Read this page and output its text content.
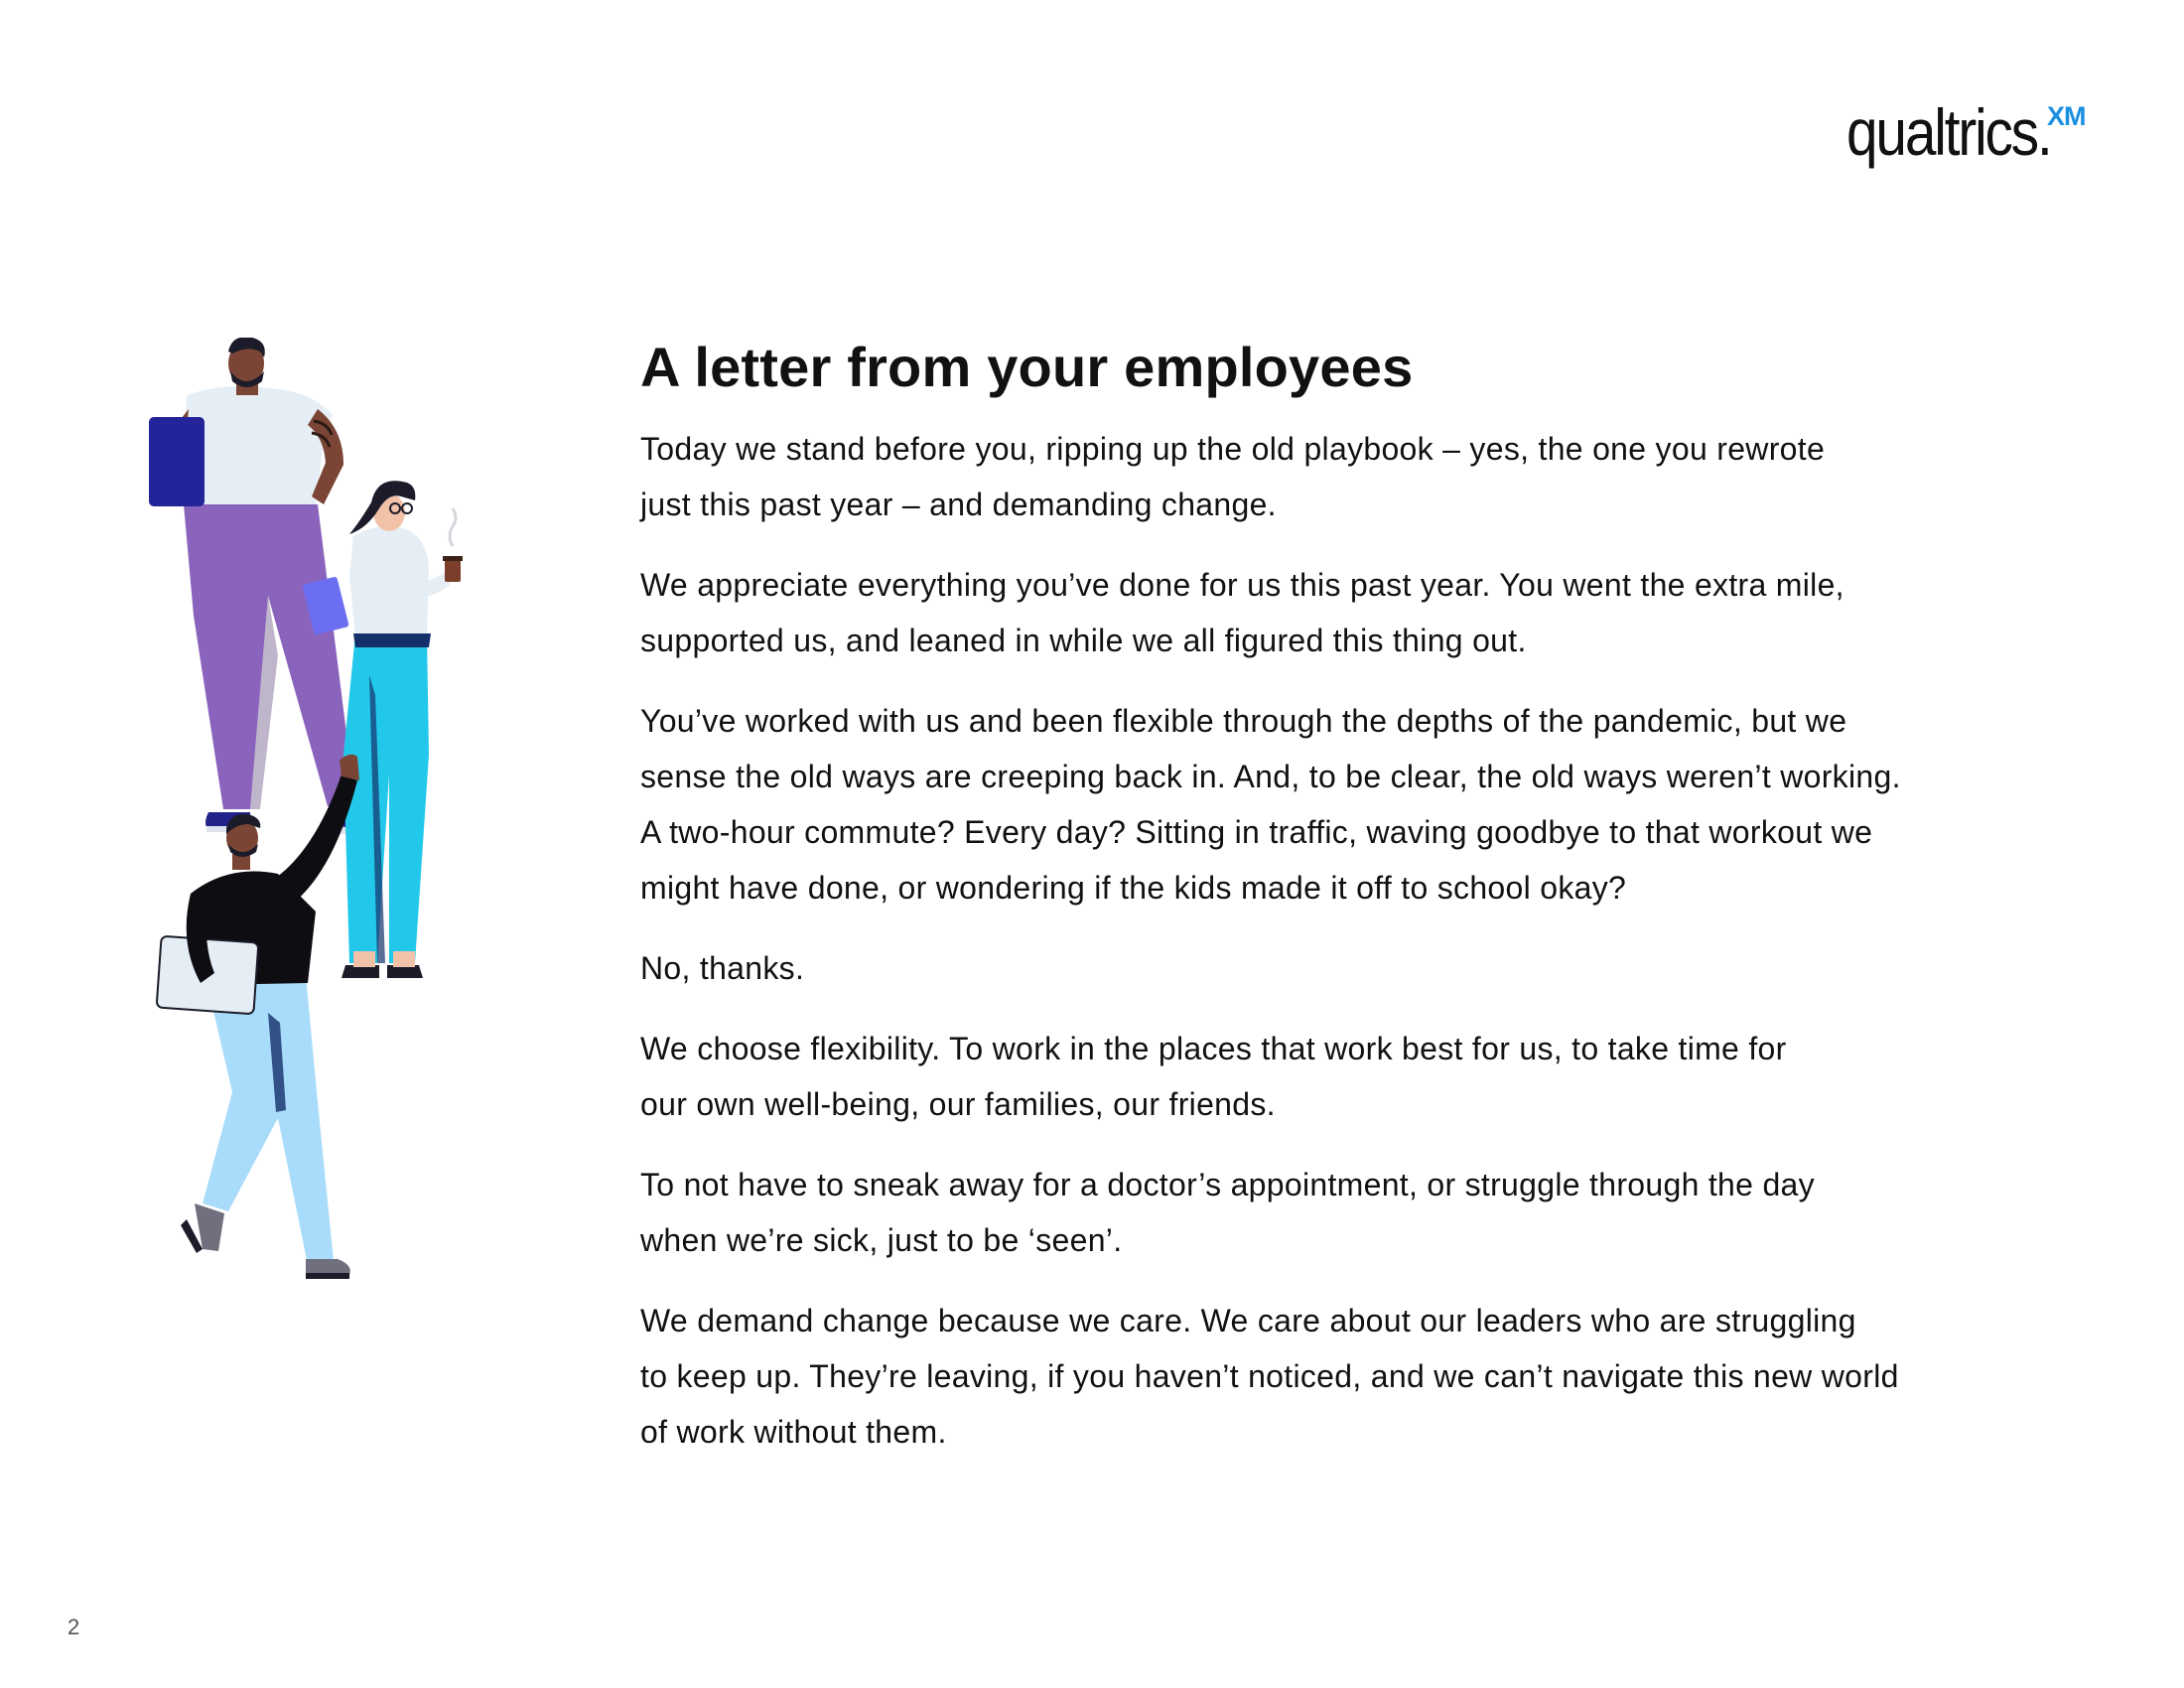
qualtrics.
XM
A letter from your employees

Today we stand before you, ripping up the old playbook – yes, the one you rewrote
just this past year – and demanding change.

We appreciate everything you’ve done for us this past year. You went the extra mile,
supported us, and leaned in while we all figured this thing out.

You’ve worked with us and been flexible through the depths of the pandemic, but we
sense the old ways are creeping back in. And, to be clear, the old ways weren’t working.
A two-hour commute? Every day? Sitting in traffic, waving goodbye to that workout we
might have done, or wondering if the kids made it off to school okay?

No, thanks.

We choose flexibility. To work in the places that work best for us, to take time for
our own well-being, our families, our friends.

To not have to sneak away for a doctor’s appointment, or struggle through the day
when we’re sick, just to be ‘seen’.

We demand change because we care. We care about our leaders who are struggling
to keep up. They’re leaving, if you haven’t noticed, and we can’t navigate this new world
of work without them.

2
